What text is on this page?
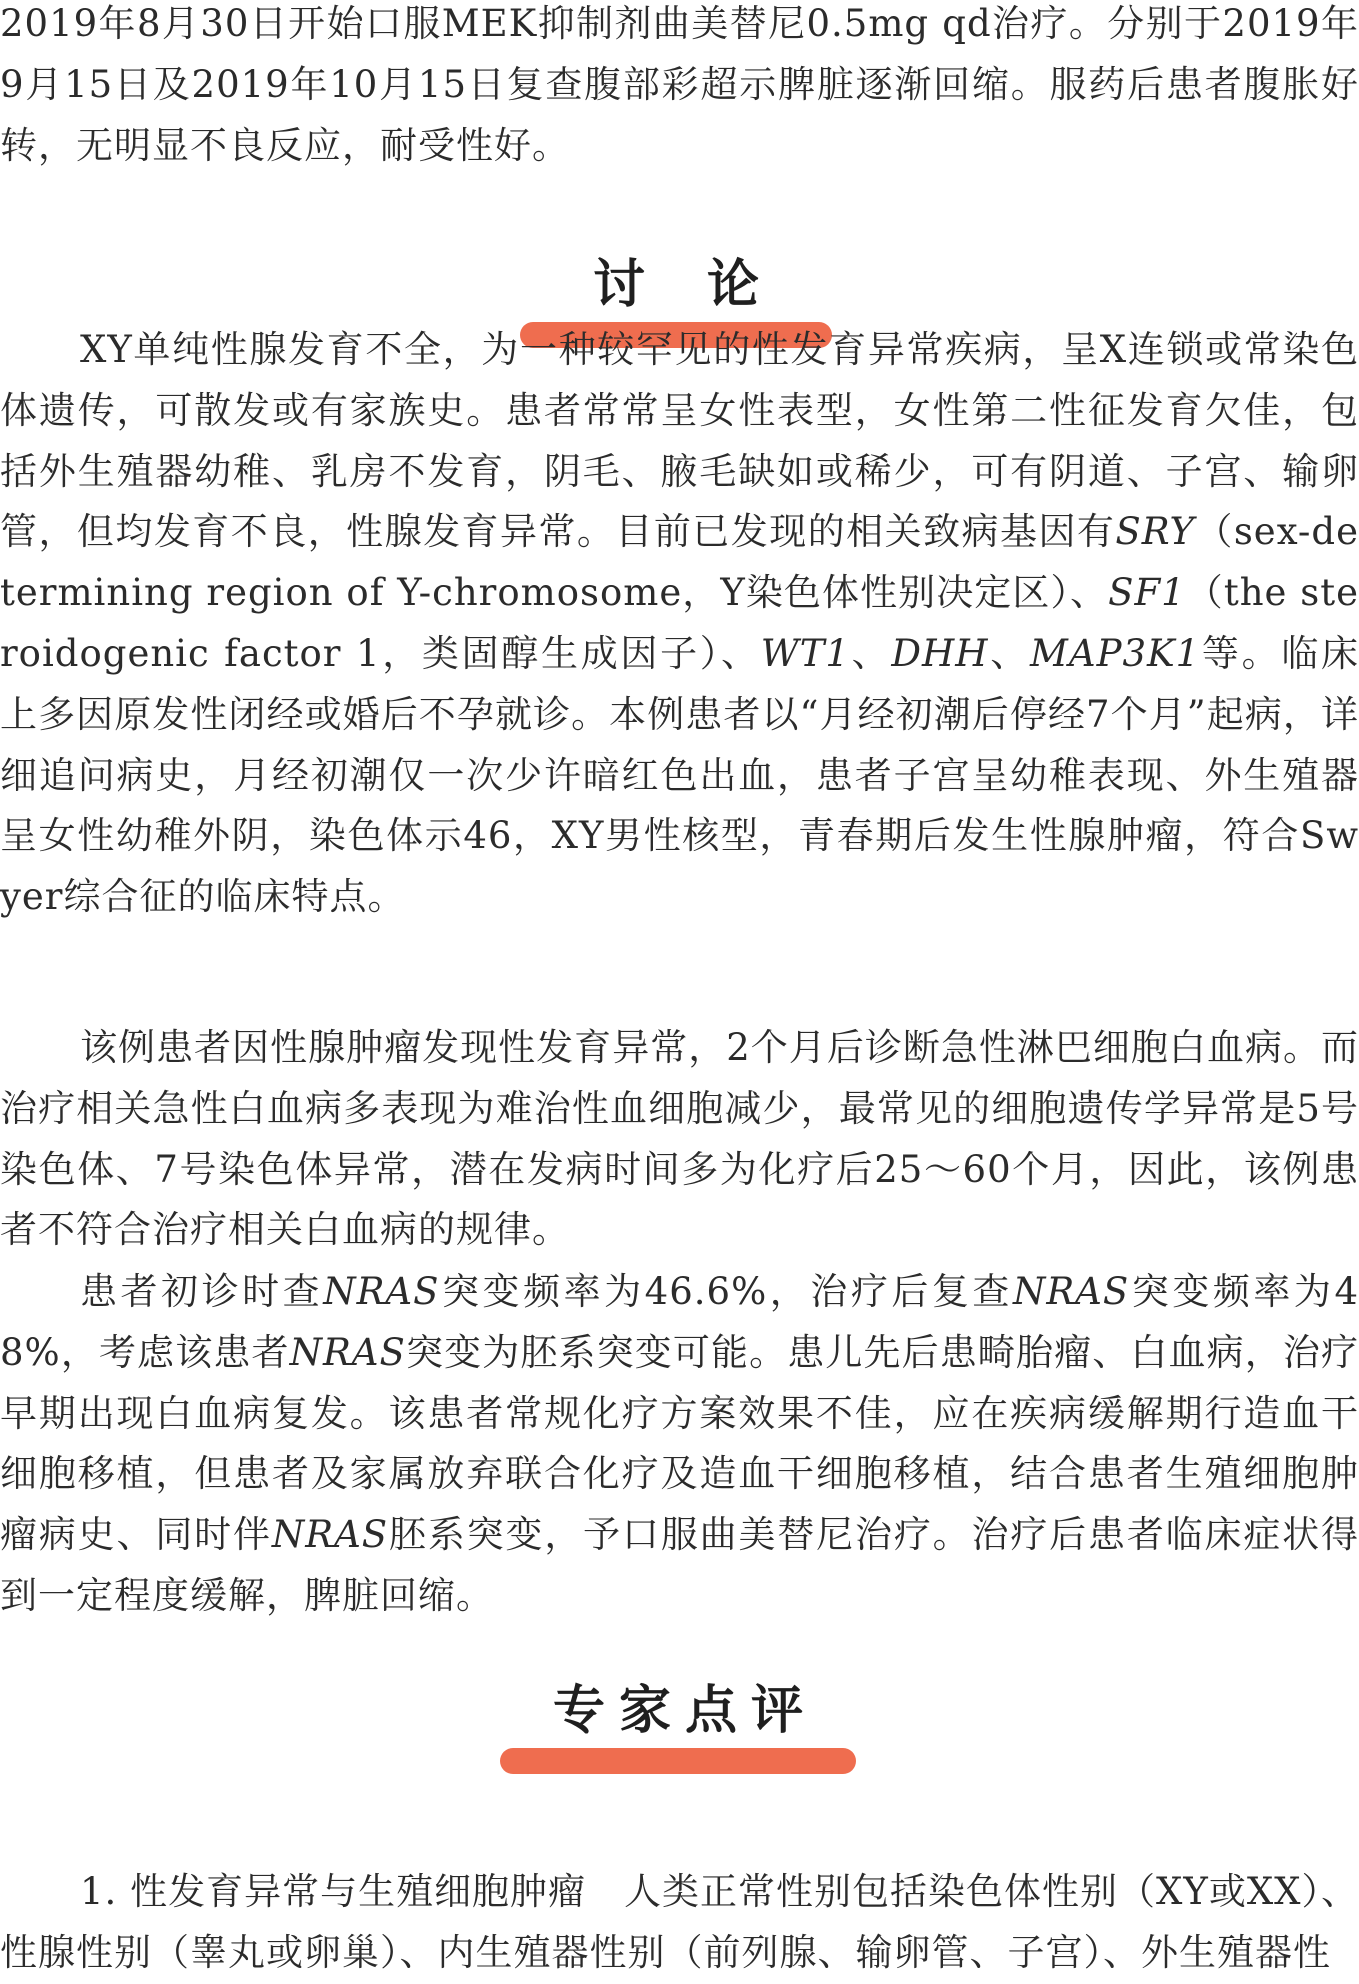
2019年8月30日开始口服MEK抑制剂曲美替尼0.5mg qd治疗。分别于2019年9月15日及2019年10月15日复查腹部彩超示脾脏逐渐回缩。服药后患者腹胀好转，无明显不良反应，耐受性好。

讨论

XY单纯性腺发育不全，为一种较罕见的性发育异常疾病，呈X连锁或常染色体遗传，可散发或有家族史。患者常常呈女性表型，女性第二性征发育欠佳，包括外生殖器幼稚、乳房不发育，阴毛、腋毛缺如或稀少，可有阴道、子宫、输卵管，但均发育不良，性腺发育异常。目前已发现的相关致病基因有SRY（sex-determining region of Y-chromosome，Y染色体性别决定区）、SF1（the steroidogenic factor 1，类固醇生成因子）、WT1、DHH、MAP3K1等。临床上多因原发性闭经或婚后不孕就诊。本例患者以“月经初潮后停经7个月”起病，详细追问病史，月经初潮仅一次少许暗红色出血，患者子宫呈幼稚表现、外生殖器呈女性幼稚外阴，染色体示46，XY男性核型，青春期后发生性腺肿瘤，符合Swyer综合征的临床特点。

该例患者因性腺肿瘤发现性发育异常，2个月后诊断急性淋巴细胞白血病。而治疗相关急性白血病多表现为难治性血细胞减少，最常见的细胞遗传学异常是5号染色体、7号染色体异常，潜在发病时间多为化疗后25～60个月，因此，该例患者不符合治疗相关白血病的规律。

患者初诊时查NRAS突变频率为46.6%，治疗后复查NRAS突变频率为48%，考虑该患者NRAS突变为胚系突变可能。患儿先后患畸胎瘤、白血病，治疗早期出现白血病复发。该患者常规化疗方案效果不佳，应在疾病缓解期行造血干细胞移植，但患者及家属放弃联合化疗及造血干细胞移植，结合患者生殖细胞肿瘤病史、同时伴NRAS胚系突变，予口服曲美替尼治疗。治疗后患者临床症状得到一定程度缓解，脾脏回缩。

专家点评

1. 性发育异常与生殖细胞肿瘤　人类正常性别包括染色体性别（XY或XX）、性腺性别（睾丸或卵巢）、内生殖器性别（前列腺、输卵管、子宫）、外生殖器性
